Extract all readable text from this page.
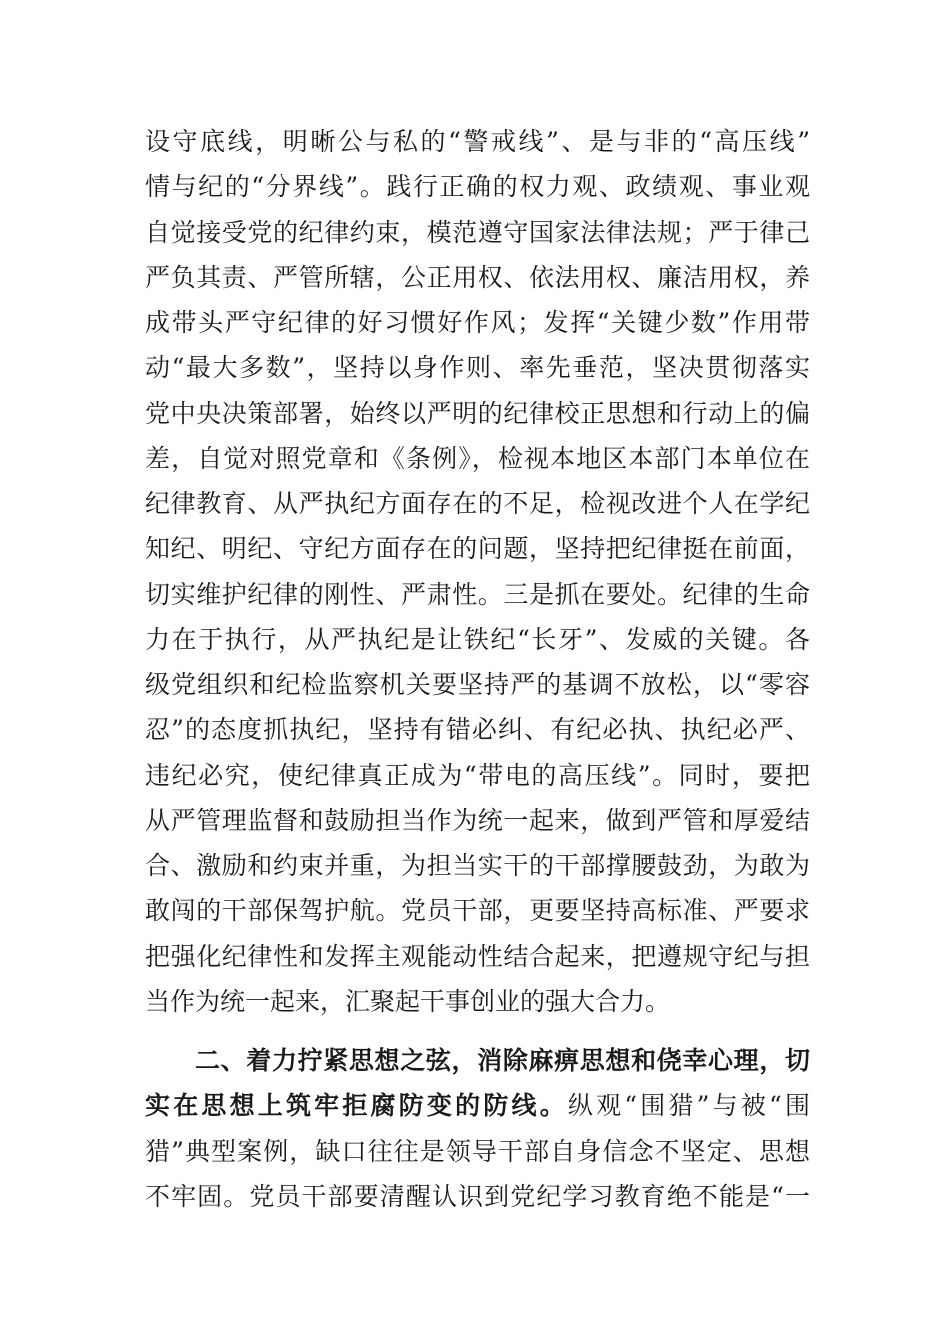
设守底线，明晰公与私的“警戒线”、是与非的“高压线”
情与纪的“分界线”。践行正确的权力观、政绩观、事业观
自觉接受党的纪律约束，模范遵守国家法律法规；严于律己
严负其责、严管所辖，公正用权、依法用权、廉洁用权，养
成带头严守纪律的好习惯好作风；发挥“关键少数”作用带
动“最大多数”，坚持以身作则、率先垂范，坚决贯彻落实
党中央决策部署，始终以严明的纪律校正思想和行动上的偏
差，自觉对照党章和《条例》，检视本地区本部门本单位在
纪律教育、从严执纪方面存在的不足，检视改进个人在学纪
知纪、明纪、守纪方面存在的问题，坚持把纪律挺在前面，
切实维护纪律的刚性、严肃性。三是抓在要处。纪律的生命
力在于执行，从严执纪是让铁纪“长牙”、发威的关键。各
级党组织和纪检监察机关要坚持严的基调不放松，以“零容
忍”的态度抓执纪，坚持有错必纠、有纪必执、执纪必严、
违纪必究，使纪律真正成为“带电的高压线”。同时，要把
从严管理监督和鼓励担当作为统一起来，做到严管和厚爱结
合、激励和约束并重，为担当实干的干部撑腰鼓劲，为敢为
敢闯的干部保驾护航。党员干部，更要坚持高标准、严要求
把强化纪律性和发挥主观能动性结合起来，把遵规守纪与担
当作为统一起来，汇聚起干事创业的强大合力。
二、着力拧紧思想之弦，消除麻痹思想和侥幸心理，切
实在思想上筑牢拒腐防变的防线。纵观“围猎”与被“围
猎”典型案例，缺口往往是领导干部自身信念不坚定、思想
不牢固。党员干部要清醒认识到党纪学习教育绝不能是“一
